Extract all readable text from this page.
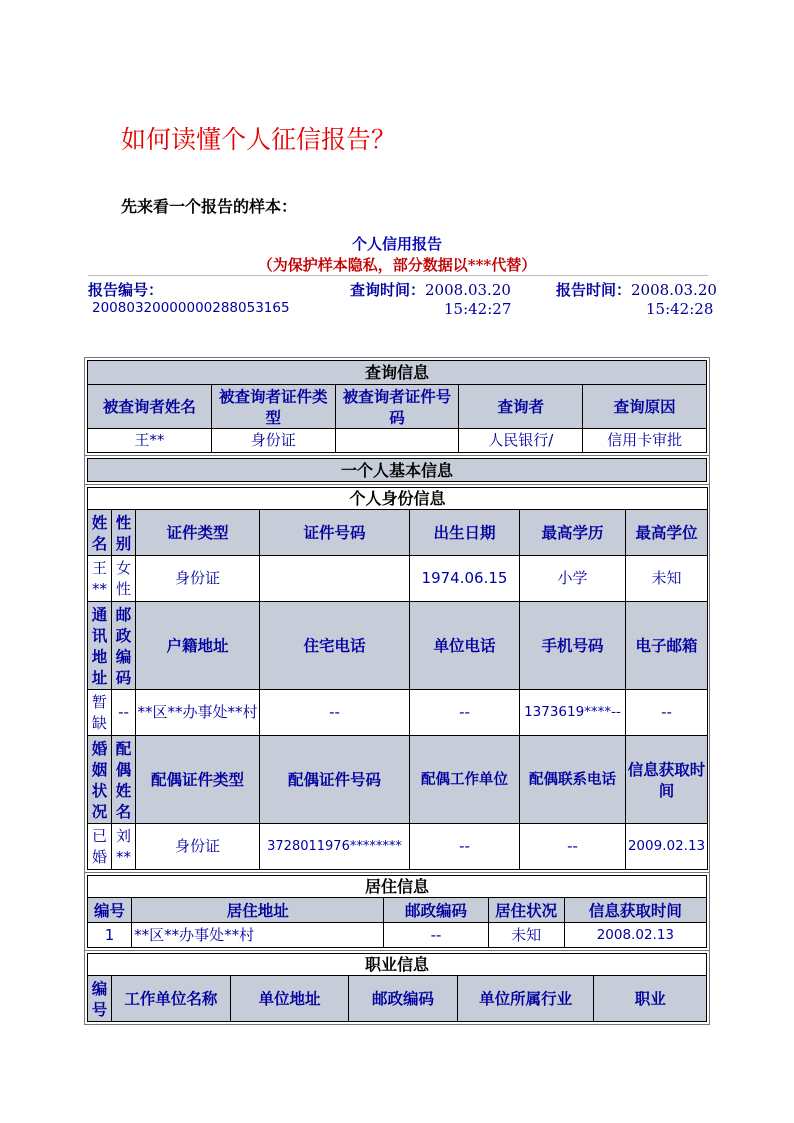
如何读懂个人征信报告？
先来看一个报告的样本：
个人信用报告
（为保护样本隐私，部分数据以***代替）
报告编号：
20080320000000288053165
查询时间：2008.03.20
15:42:27
报告时间：2008.03.20
15:42:28
查询信息				
被查询者姓名	被查询者证件类型	被查询者证件号码	查询者	查询原因
王**	身份证		人民银行/	信用卡审批
一个人基本信息
个人身份信息						
姓名	性别	证件类型	证件号码	出生日期	最高学历	最高学位
王**	女性	身份证		1974.06.15	小学	未知
通讯地址	邮政编码	户籍地址	住宅电话	单位电话	手机号码	电子邮箱
暂缺	--	**区**办事处**村	--	--	1373619****--	--
婚姻状况	配偶姓名	配偶证件类型	配偶证件号码	配偶工作单位	配偶联系电话	信息获取时间
已婚	刘**	身份证	3728011976********	--	--	2009.02.13
居住信息				
编号	居住地址	邮政编码	居住状况	信息获取时间
1	**区**办事处**村	--	未知	2008.02.13
职业信息
编号	工作单位名称	单位地址	邮政编码	单位所属行业	职业
